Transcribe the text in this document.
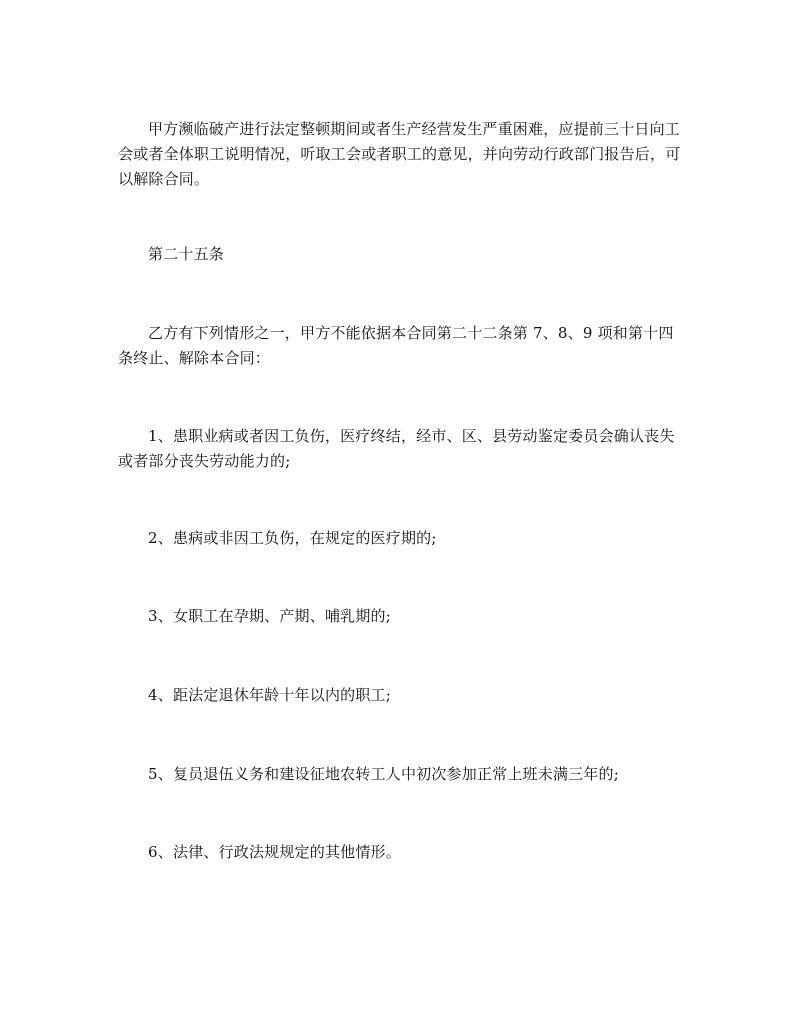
甲方濒临破产进行法定整顿期间或者生产经营发生严重困难，应提前三十日向工会或者全体职工说明情况，听取工会或者职工的意见，并向劳动行政部门报告后，可以解除合同。

第二十五条

乙方有下列情形之一，甲方不能依据本合同第二十二条第 7、8、9 项和第十四条终止、解除本合同：

1、患职业病或者因工负伤，医疗终结，经市、区、县劳动鉴定委员会确认丧失或者部分丧失劳动能力的;

2、患病或非因工负伤，在规定的医疗期的;

3、女职工在孕期、产期、哺乳期的;

4、距法定退休年龄十年以内的职工;

5、复员退伍义务和建设征地农转工人中初次参加正常上班未满三年的;

6、法律、行政法规规定的其他情形。
